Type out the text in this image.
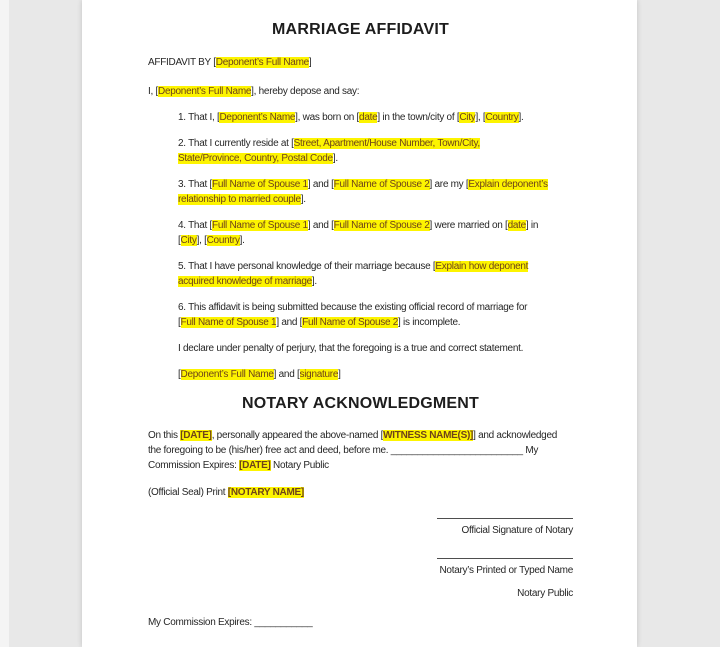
MARRIAGE AFFIDAVIT

AFFIDAVIT BY [Deponent’s Full Name]

I, [Deponent’s Full Name], hereby depose and say:

1. That I, [Deponent’s Name], was born on [date] in the town/city of [City], [Country].

2. That I currently reside at [Street, Apartment/House Number, Town/City,
State/Province, Country, Postal Code].

3. That [Full Name of Spouse 1] and [Full Name of Spouse 2] are my [Explain deponent’s
relationship to married couple].

4. That [Full Name of Spouse 1] and [Full Name of Spouse 2] were married on [date] in
[City], [Country].

5. That I have personal knowledge of their marriage because [Explain how deponent
acquired knowledge of marriage].

6. This affidavit is being submitted because the existing official record of marriage for
[Full Name of Spouse 1] and [Full Name of Spouse 2] is incomplete.

I declare under penalty of perjury, that the foregoing is a true and correct statement.

[Deponent’s Full Name] and [signature]

NOTARY ACKNOWLEDGMENT

On this [DATE], personally appeared the above-named [WITNESS NAME(S)]] and acknowledged
the foregoing to be (his/her) free act and deed, before me. _________________________ My
Commission Expires: [DATE] Notary Public

(Official Seal) Print [NOTARY NAME]

Official Signature of Notary

Notary’s Printed or Typed Name

Notary Public

My Commission Expires: ___________
